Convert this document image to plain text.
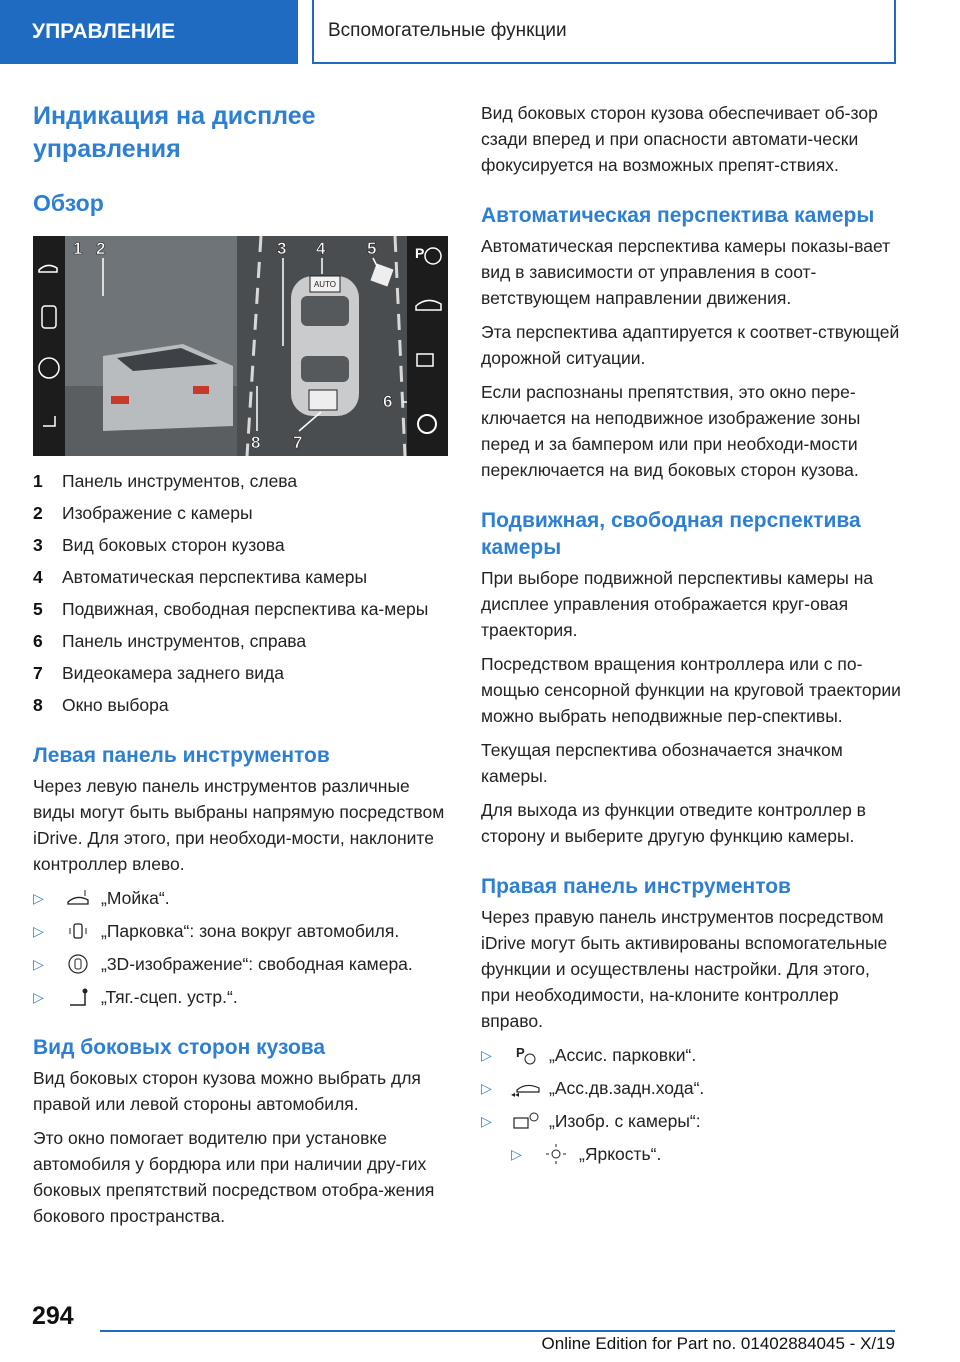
УПРАВЛЕНИЕ	Вспомогательные функции
Индикация на дисплее управления
Обзор
AUTO
P
1 2	3 4 5
6
7
8
1	Панель инструментов, слева
2	Изображение с камеры
3	Вид боковых сторон кузова
4	Автоматическая перспектива камеры
5	Подвижная, свободная перспектива ка-меры
6	Панель инструментов, справа
7	Видеокамера заднего вида
8	Окно выбора
Левая панель инструментов

Через левую панель инструментов различные виды могут быть выбраны напрямую посредством iDrive. Для этого, при необходи-мости, наклоните контроллер влево.

▷	„Мойка“.
▷	„Парковка“: зона вокруг автомобиля.
▷	„3D-изображение“: свободная камера.
▷	„Тяг.-сцеп. устр.“.
Вид боковых сторон кузова

Вид боковых сторон кузова можно выбрать для правой или левой стороны автомобиля.

Это окно помогает водителю при установке автомобиля у бордюра или при наличии дру-гих боковых препятствий посредством отобра-жения бокового пространства.

Вид боковых сторон кузова обеспечивает об-зор сзади вперед и при опасности автомати-чески фокусируется на возможных препят-ствиях.

Автоматическая перспектива камеры

Автоматическая перспектива камеры показы-вает вид в зависимости от управления в соот-ветствующем направлении движения.

Эта перспектива адаптируется к соответ-ствующей дорожной ситуации.

Если распознаны препятствия, это окно пере-ключается на неподвижное изображение зоны перед и за бампером или при необходи-мости переключается на вид боковых сторон кузова.

Подвижная, свободная перспектива камеры

При выборе подвижной перспективы камеры на дисплее управления отображается круг-овая траектория.

Посредством вращения контроллера или с по-мощью сенсорной функции на круговой траектории можно выбрать неподвижные пер-спективы.

Текущая перспектива обозначается значком камеры.

Для выхода из функции отведите контроллер в сторону и выберите другую функцию камеры.

Правая панель инструментов

Через правую панель инструментов посредством iDrive могут быть активированы вспомогательные функции и осуществлены настройки. Для этого, при необходимости, на-клоните контроллер вправо.

▷	P „Ассис. парковки“.
▷	◂◂ „Асс.дв.задн.хода“.
▷	„Изобр. с камеры“:
▷	„Яркость“.
294
Online Edition for Part no. 01402884045 - X/19
